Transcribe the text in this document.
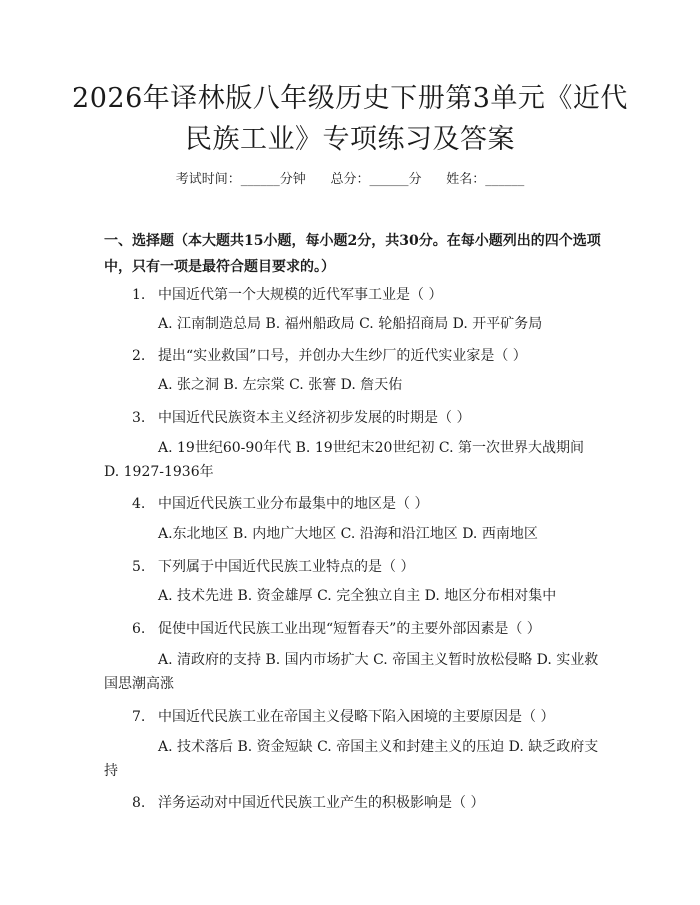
2026年译林版八年级历史下册第3单元《近代民族工业》专项练习及答案
考试时间：______分钟      总分：______分      姓名：______
一、选择题（本大题共15小题，每小题2分，共30分。在每小题列出的四个选项中，只有一项是最符合题目要求的。）
1. 中国近代第一个大规模的近代军事工业是（ ）
A. 江南制造总局 B. 福州船政局 C. 轮船招商局 D. 开平矿务局
2. 提出“实业救国”口号，并创办大生纱厂的近代实业家是（ ）
A. 张之洞 B. 左宗棠 C. 张謇 D. 詹天佑
3. 中国近代民族资本主义经济初步发展的时期是（ ）
A. 19世纪60-90年代 B. 19世纪末20世纪初 C. 第一次世界大战期间 D. 1927-1936年
4. 中国近代民族工业分布最集中的地区是（ ）
A.东北地区 B. 内地广大地区 C. 沿海和沿江地区 D. 西南地区
5. 下列属于中国近代民族工业特点的是（ ）
A. 技术先进 B. 资金雄厚 C. 完全独立自主 D. 地区分布相对集中
6. 促使中国近代民族工业出现“短暂春天”的主要外部因素是（ ）
A. 清政府的支持 B. 国内市场扩大 C. 帝国主义暂时放松侵略 D. 实业救国思潮高涨
7. 中国近代民族工业在帝国主义侵略下陷入困境的主要原因是（ ）
A. 技术落后 B. 资金短缺 C. 帝国主义和封建主义的压迫 D. 缺乏政府支持
8. 洋务运动对中国近代民族工业产生的积极影响是（ ）
